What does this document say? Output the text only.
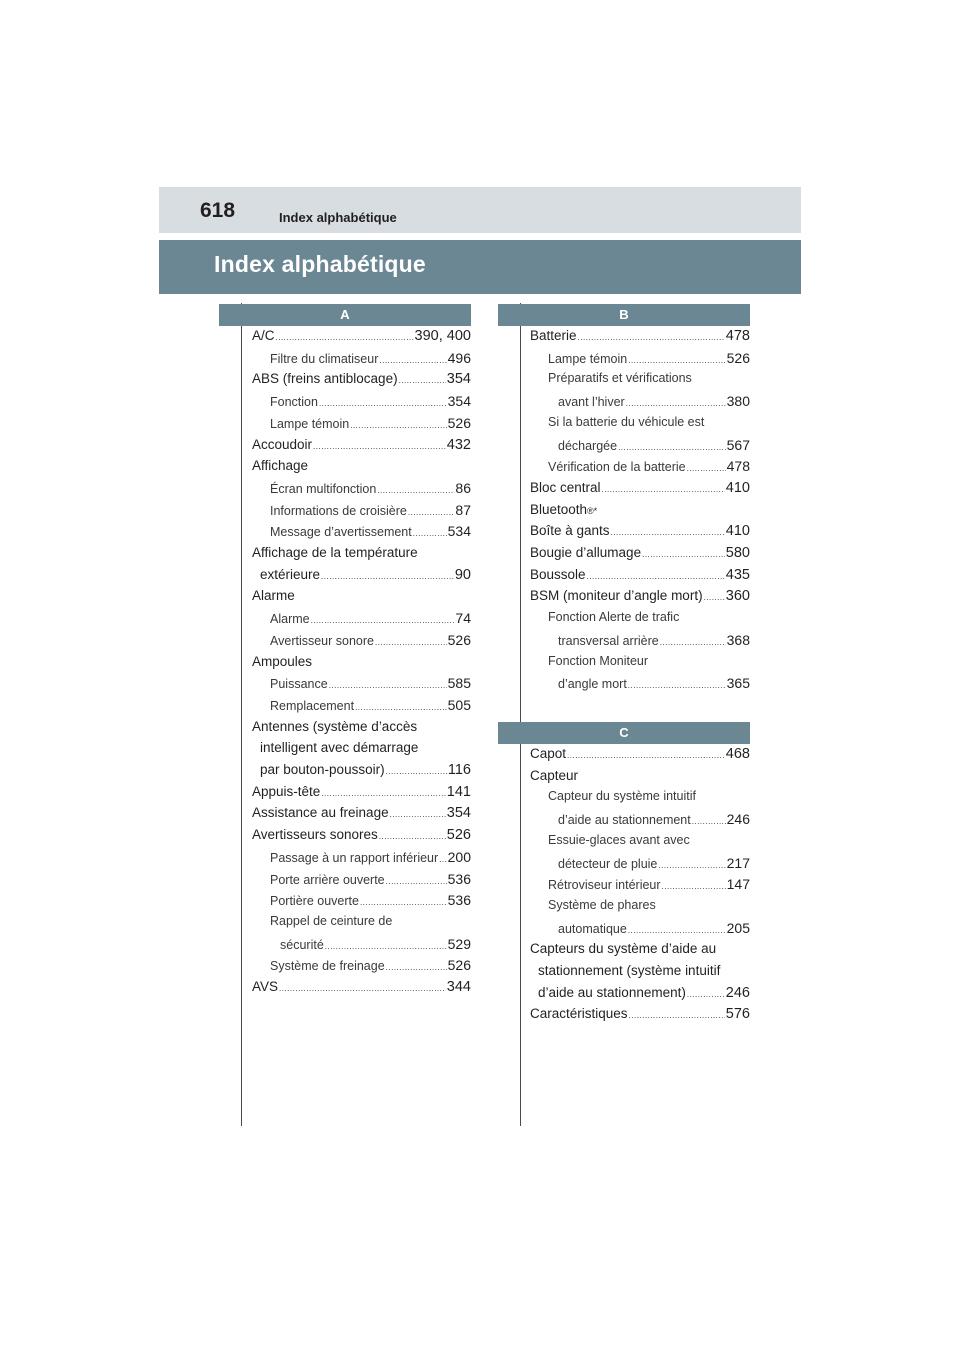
618	Index alphabétique
Index alphabétique
A	B
C
A/C .....	390, 400
Filtre du climatiseur .....	496
ABS (freins antiblocage) .....	354
Fonction .....	354
Lampe témoin .....	526
Accoudoir .....	432
Affichage
Écran multifonction .....	86
Informations de croisière .....	87
Message d’avertissement .....	534
Affichage de la température
extérieure .....	90
Alarme
Alarme .....	74
Avertisseur sonore .....	526
Ampoules
Puissance .....	585
Remplacement .....	505
Antennes (système d’accès
intelligent avec démarrage
par bouton-poussoir) .....	116
Appuis-tête .....	141
Assistance au freinage .....	354
Avertisseurs sonores .....	526
Passage à un rapport inférieur ..... 200
Porte arrière ouverte .....	536
Portière ouverte .....	536
Rappel de ceinture de
sécurité .....	529
Système de freinage .....	526
AVS .....	344
Batterie .....	478
Lampe témoin .....	526
Préparatifs et vérifications
avant l’hiver .....	380
Si la batterie du véhicule est
déchargée .....	567
Vérification de la batterie .....	478
Bloc central .....	410
Bluetooth ®*
Boîte à gants .....	410
Bougie d’allumage .....	580
Boussole .....	435
BSM (moniteur d’angle mort) ..... 360
Fonction Alerte de trafic
transversal arrière .....	368
Fonction Moniteur
d’angle mort .....	365
Capot .....	468
Capteur
Capteur du système intuitif
d’aide au stationnement .....	246
Essuie-glaces avant avec
détecteur de pluie .....	217
Rétroviseur intérieur .....	147
Système de phares
automatique .....	205
Capteurs du système d’aide au
stationnement (système intuitif
d’aide au stationnement) .....	246
Caractéristiques .....	576
